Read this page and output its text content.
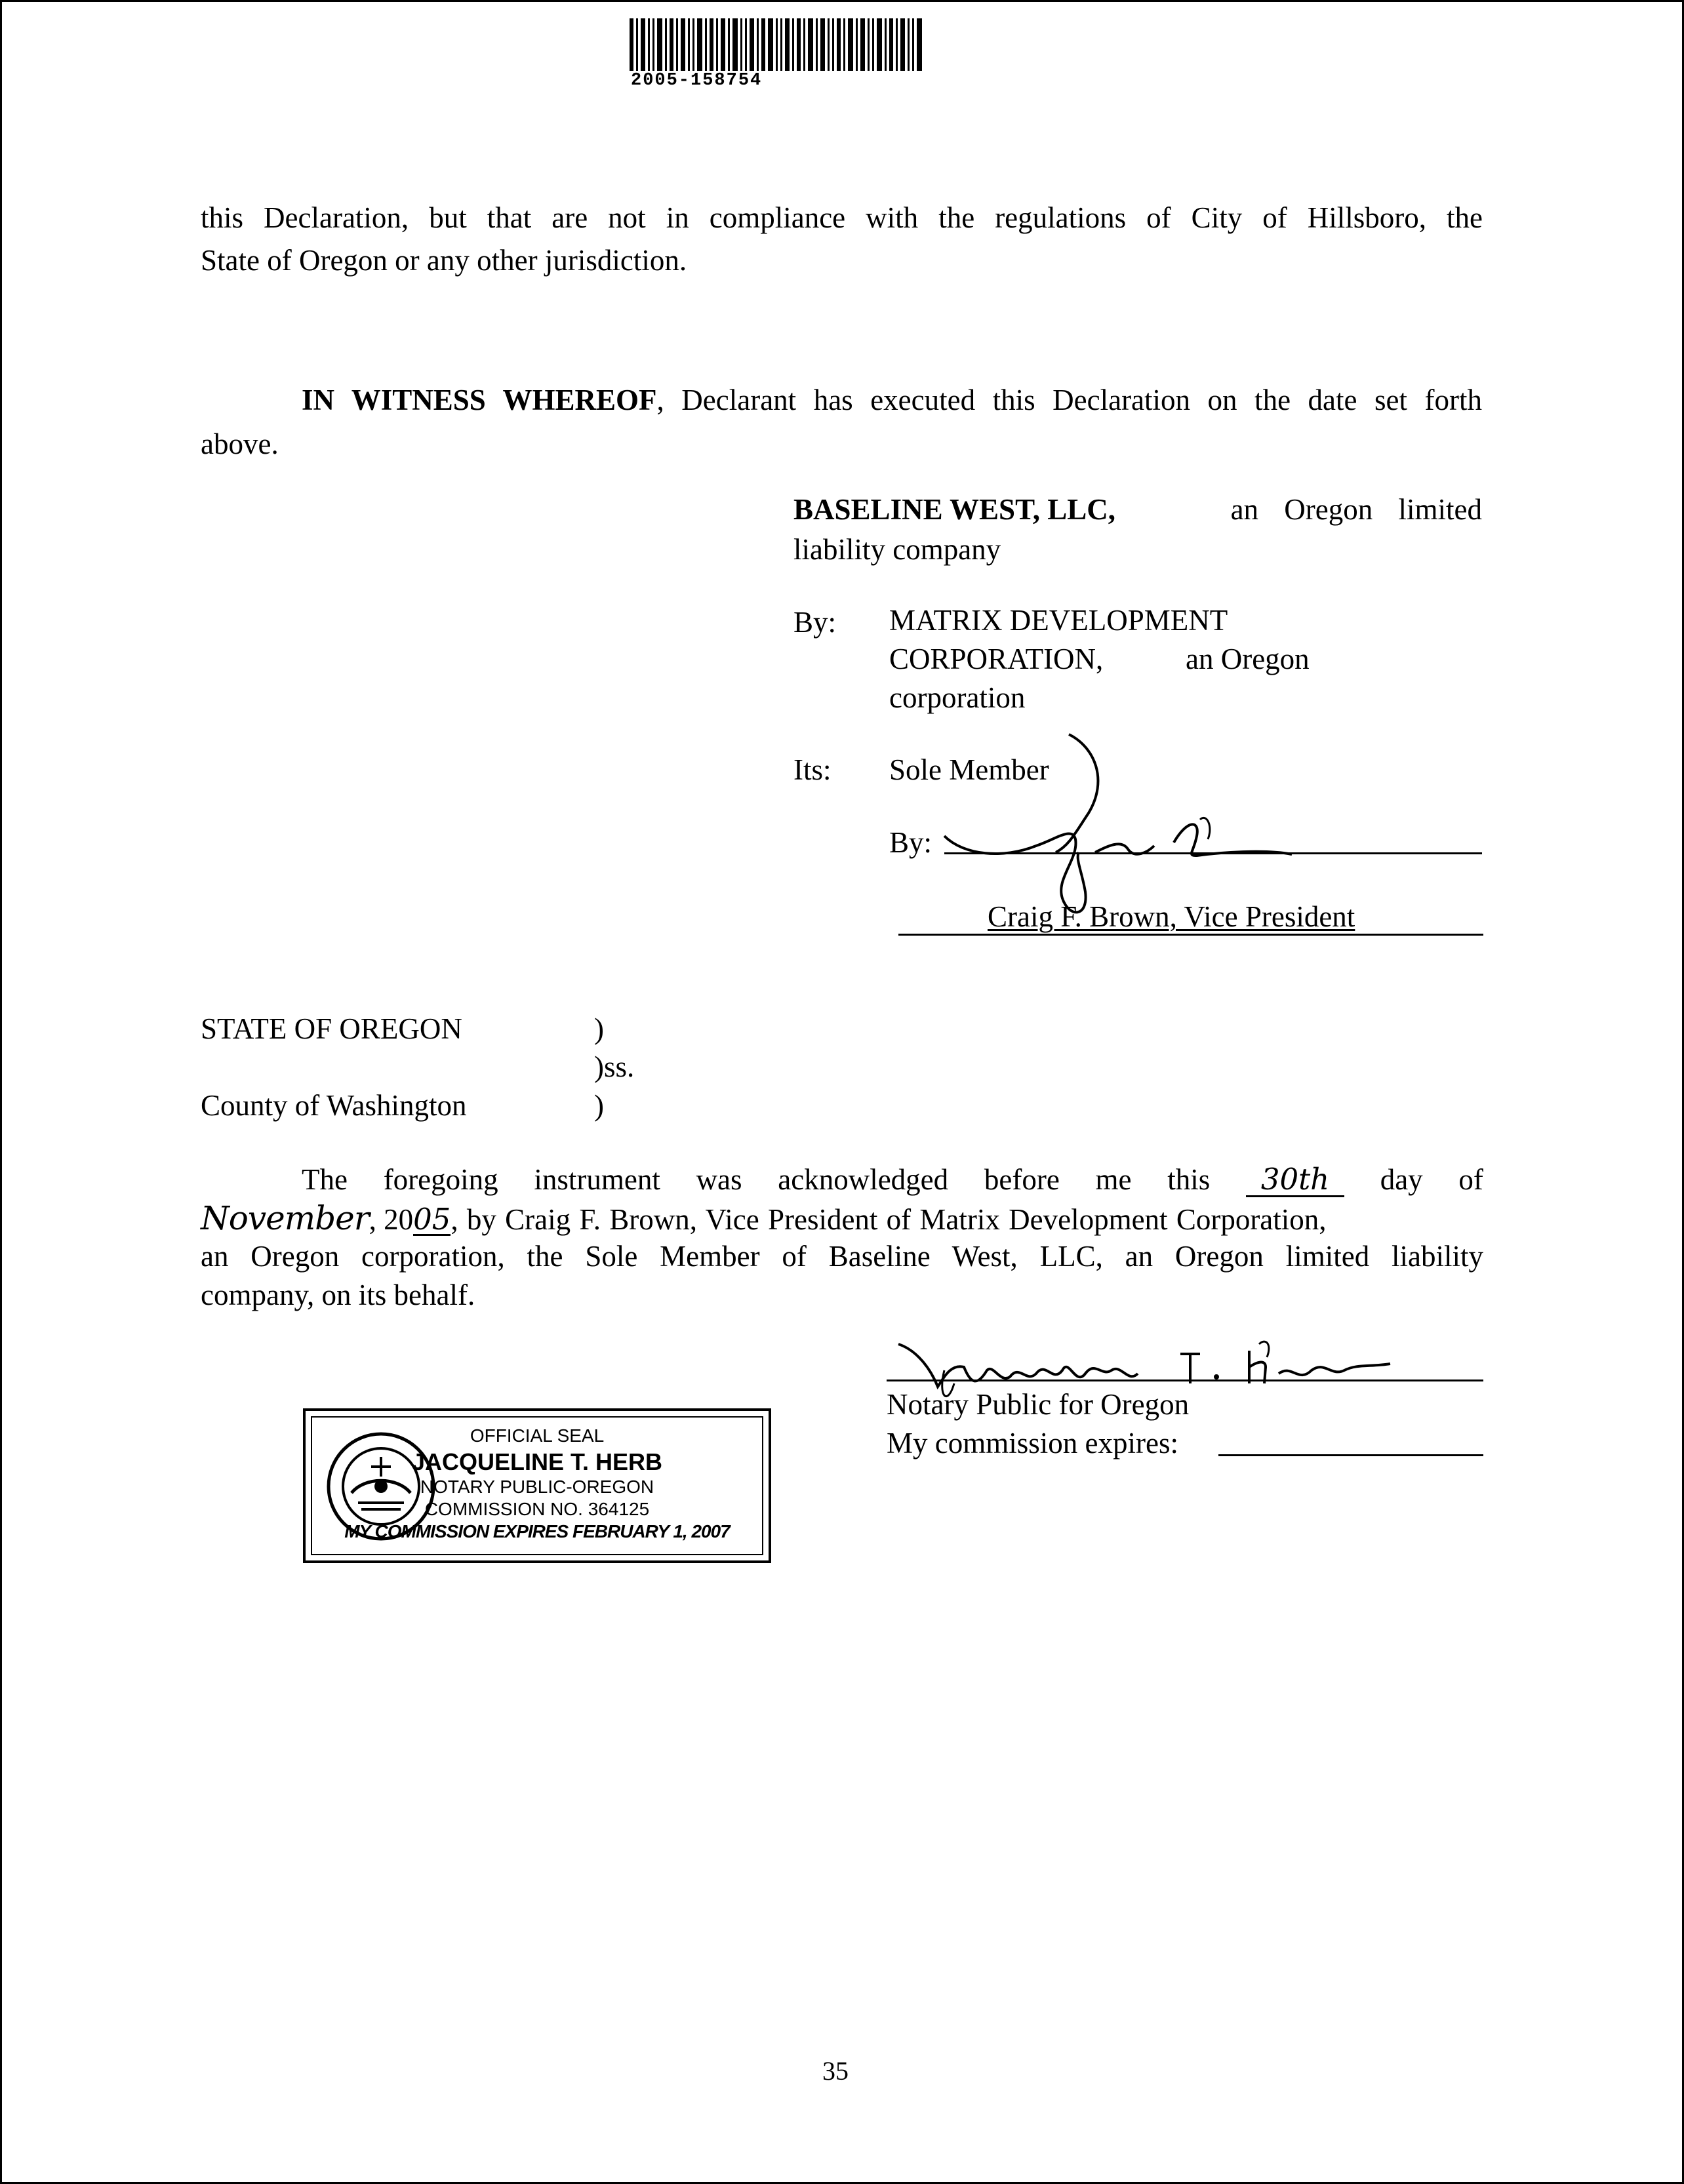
2005-158754
this Declaration, but that are not in compliance with the regulations of City of Hillsboro, the
State of Oregon or any other jurisdiction.
IN WITNESS WHEREOF, Declarant has executed this Declaration on the date set forth
above.
BASELINE WEST, LLC,	an Oregon limited
liability company
By: MATRIX DEVELOPMENT
CORPORATION,	an Oregon
corporation
Its: Sole Member
By:
Craig F. Brown, Vice President
STATE OF OREGON	)
)ss.
County of Washington	)
The foregoing instrument was acknowledged before me this	30th	day of
November, 2005, by Craig F. Brown, Vice President of Matrix Development Corporation,
an Oregon corporation, the Sole Member of Baseline West, LLC, an Oregon limited liability
company, on its behalf.
Notary Public for Oregon
My commission expires:
OFFICIAL SEAL
JACQUELINE T. HERB
NOTARY PUBLIC-OREGON
COMMISSION NO. 364125
MY COMMISSION EXPIRES FEBRUARY 1, 2007
35
